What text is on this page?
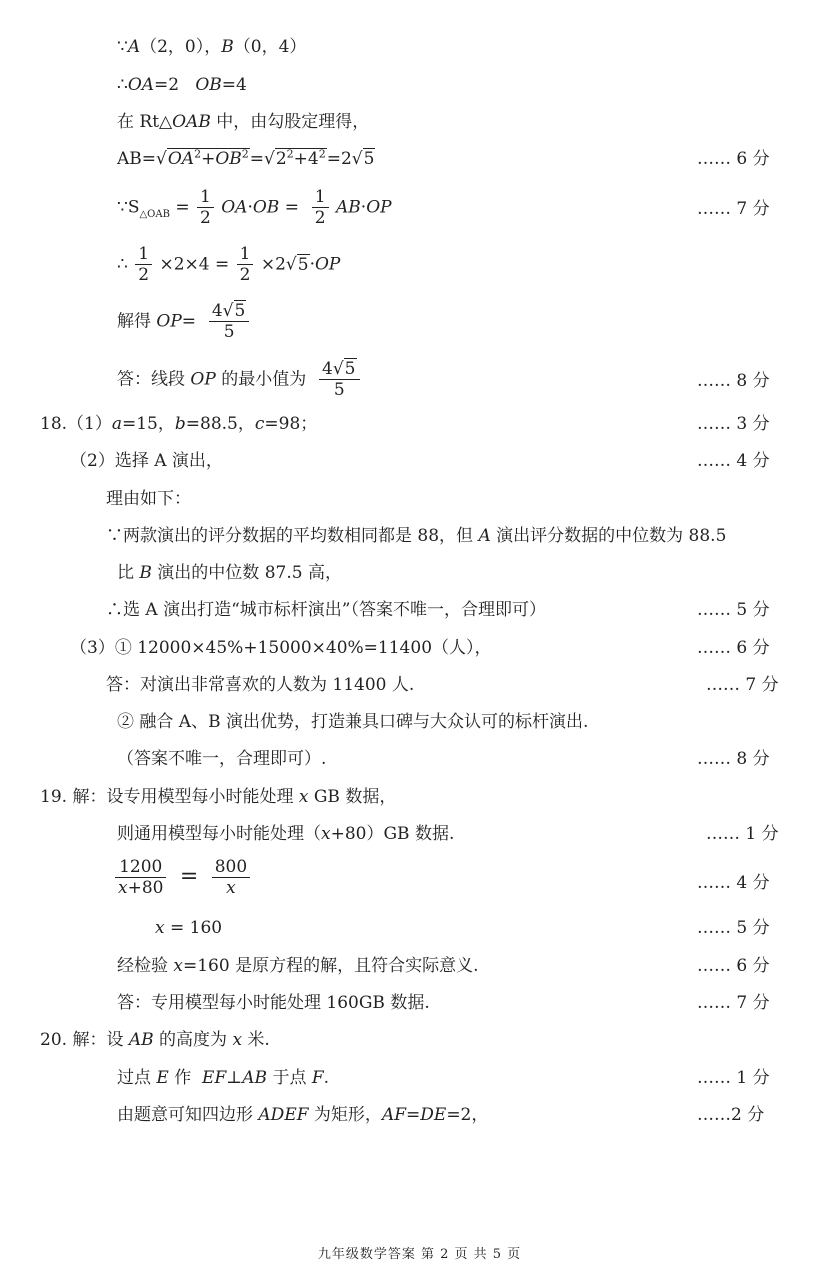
∵A（2，0），B（0，4）
∴OA=2   OB=4
在 Rt△OAB 中，由勾股定理得，
$AB=√OA^2+OB^2=√2^2+4^2=2√5$	…… 6 分
$\because S_{\triangle OAB} = \frac{1}{2} OA\cdot OB = \frac{1}{2} AB\cdot OP$	…… 7 分
∴ $\frac{1}{2} \times 2\times 4 = \frac{1}{2} \times 2√5\cdot OP$
解得 $OP= \frac{4√5}{5}$
答：线段 OP 的最小值为 $\frac{4√5}{5}$	…… 8 分
18.（1）a=15，b=88.5，c=98；	…… 3 分
（2）选择 A 演出，	…… 4 分
理由如下：
∵两款演出的评分数据的平均数相同都是 88，但 A 演出评分数据的中位数为 88.5
比 B 演出的中位数 87.5 高，
∴选 A 演出打造“城市标杆演出”（答案不唯一，合理即可）	…… 5 分
（3）① 12000×45%+15000×40%=11400（人），	…… 6 分
答：对演出非常喜欢的人数为 11400 人.	…… 7 分
② 融合 A、B 演出优势，打造兼具口碑与大众认可的标杆演出.
（答案不唯一，合理即可）.	…… 8 分
19. 解：设专用模型每小时能处理 x GB 数据，
则通用模型每小时能处理（x+80）GB 数据.	…… 1 分
$\frac{1200}{x+80} = \frac{800}{x}$	…… 4 分
x = 160	…… 5 分
经检验 x=160 是原方程的解，且符合实际意义.	…… 6 分
答：专用模型每小时能处理 160GB 数据.	…… 7 分
20. 解：设 AB 的高度为 x 米.
过点 E 作  EF⊥AB 于点 F.	…… 1 分
由题意可知四边形 ADEF 为矩形，AF=DE=2，	……2 分
九年级数学答案 第 2 页 共 5 页
